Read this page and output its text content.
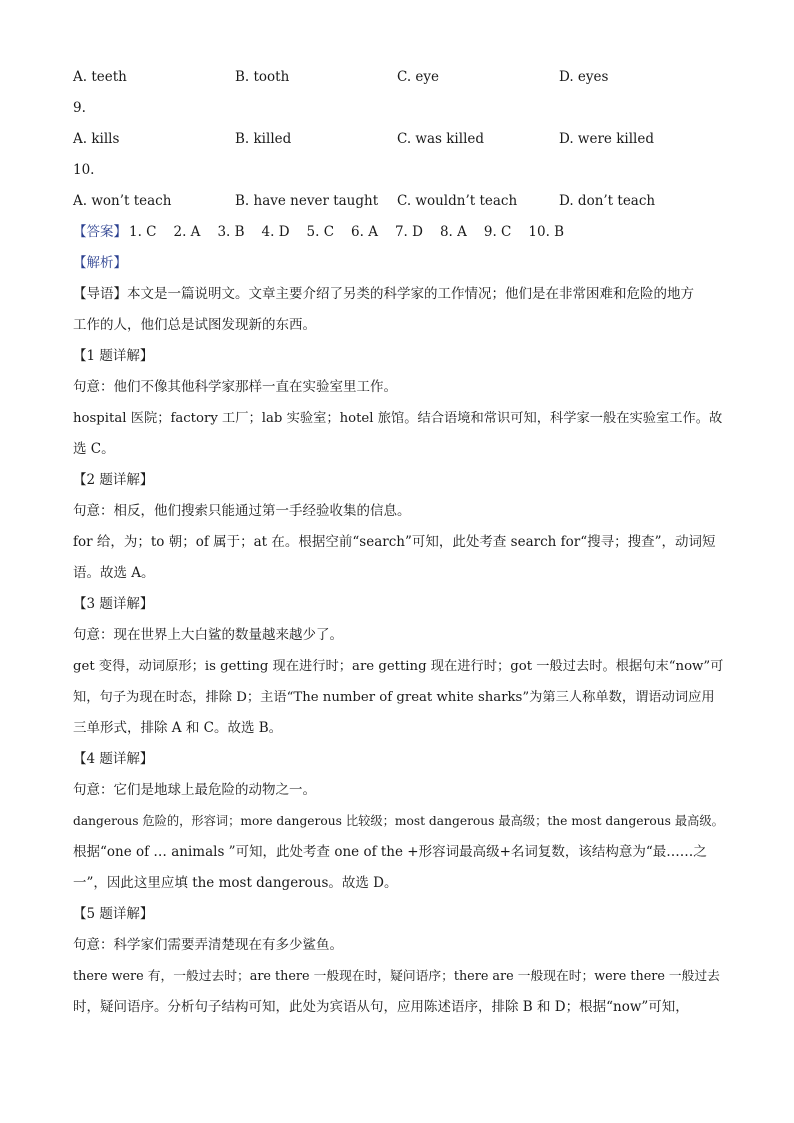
A. teeth	B. tooth	C. eye	D. eyes
9.
A. kills	B. killed	C. was killed	D. were killed
10.
A. won’t teach	B. have never taught	C. wouldn’t teach	D. don’t teach
【答案】 1. C 2. A 3. B 4. D 5. C 6. A 7. D 8. A 9. C 10. B
【解析】
【导语】本文是一篇说明文。文章主要介绍了另类的科学家的工作情况；他们是在非常困难和危险的地方
工作的人，他们总是试图发现新的东西。
【1 题详解】
句意：他们不像其他科学家那样一直在实验室里工作。
hospital 医院；factory 工厂；lab 实验室；hotel 旅馆。结合语境和常识可知，科学家一般在实验室工作。故
选 C。
【2 题详解】
句意：相反，他们搜索只能通过第一手经验收集的信息。
for 给，为；to 朝；of 属于；at 在。根据空前“search”可知，此处考查 search for“搜寻；搜查”，动词短
语。故选 A。
【3 题详解】
句意：现在世界上大白鲨的数量越来越少了。
get 变得，动词原形；is getting 现在进行时；are getting 现在进行时；got 一般过去时。根据句末“now”可
知，句子为现在时态，排除 D；主语“The number of great white sharks”为第三人称单数，谓语动词应用
三单形式，排除 A 和 C。故选 B。
【4 题详解】
句意：它们是地球上最危险的动物之一。
dangerous 危险的，形容词；more dangerous 比较级；most dangerous 最高级；the most dangerous 最高级。
根据“one of … animals ”可知，此处考查 one of the +形容词最高级+名词复数，该结构意为“最……之
一”，因此这里应填 the most dangerous。故选 D。
【5 题详解】
句意：科学家们需要弄清楚现在有多少鲨鱼。
there were 有，一般过去时；are there 一般现在时，疑问语序；there are 一般现在时；were there 一般过去
时，疑问语序。分析句子结构可知，此处为宾语从句，应用陈述语序，排除 B 和 D；根据“now”可知，
